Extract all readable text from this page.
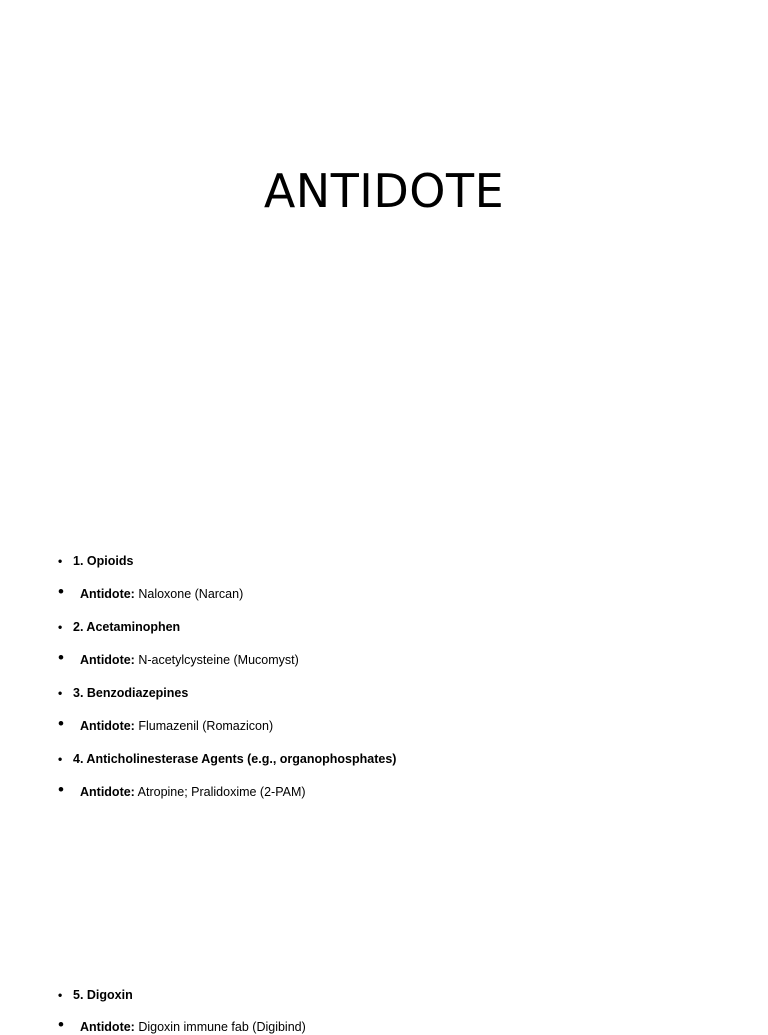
ANTIDOTE
• 1. Opioids
• Antidote: Naloxone (Narcan)
• 2. Acetaminophen
• Antidote: N-acetylcysteine (Mucomyst)
• 3. Benzodiazepines
• Antidote: Flumazenil (Romazicon)
• 4. Anticholinesterase Agents (e.g., organophosphates)
• Antidote: Atropine; Pralidoxime (2-PAM)
• 5. Digoxin
• Antidote: Digoxin immune fab (Digibind)
